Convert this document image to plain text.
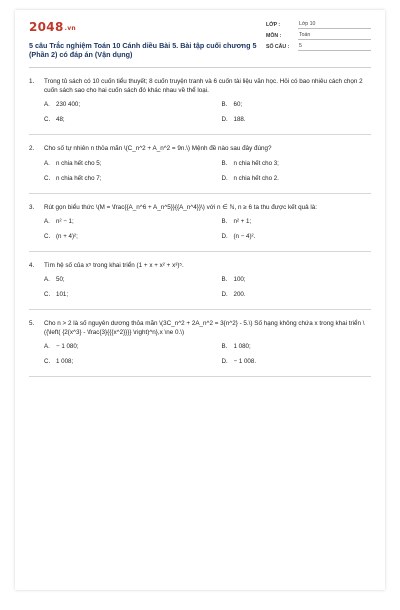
2048.vn
5 câu Trắc nghiệm Toán 10 Cánh diều Bài 5. Bài tập cuối chương 5 (Phần 2) có đáp án (Vận dụng)
LỚP :	Lớp 10
MÔN :	Toán
SỐ CÂU :	5
1.	Trong tủ sách có 10 cuốn tiểu thuyết; 8 cuốn truyện tranh và 6 cuốn tài liệu văn học. Hỏi có bao nhiêu cách chọn 2 cuốn sách sao cho hai cuốn sách đó khác nhau về thể loại.
A. 230 400;	B. 60;
C. 48;	D. 188.
2.	Cho số tự nhiên n thỏa mãn \(C_n^2 + A_n^2 = 9n.\) Mệnh đề nào sau đây đúng?
A. n chia hết cho 5;	B. n chia hết cho 3;
C. n chia hết cho 7;	D. n chia hết cho 2.
3.	Rút gọn biểu thức \(M = \frac{{A_n^6 + A_n^5}}{{A_n^4}}\) với n ∈ ℕ, n ≥ 6 ta thu được kết quả là:
A. n² − 1;	B. n² + 1;
C. (n + 4)²;	D. (n − 4)².
4.	Tìm hệ số của x⁵ trong khai triển (1 + x + x² + x³)⁵.
A. 50;	B. 100;
C. 101;	D. 200.
5.	Cho n > 2 là số nguyên dương thỏa mãn \(3C_n^2 + 2A_n^2 = 3{n^2} - 5.\) Số hạng không chứa x trong khai triển \({\left( {2{x^3} - \frac{3}{{{x^2}}}} \right)^n},x \ne 0.\)
A. − 1 080;	B. 1 080;
C. 1 008;	D. − 1 008.
